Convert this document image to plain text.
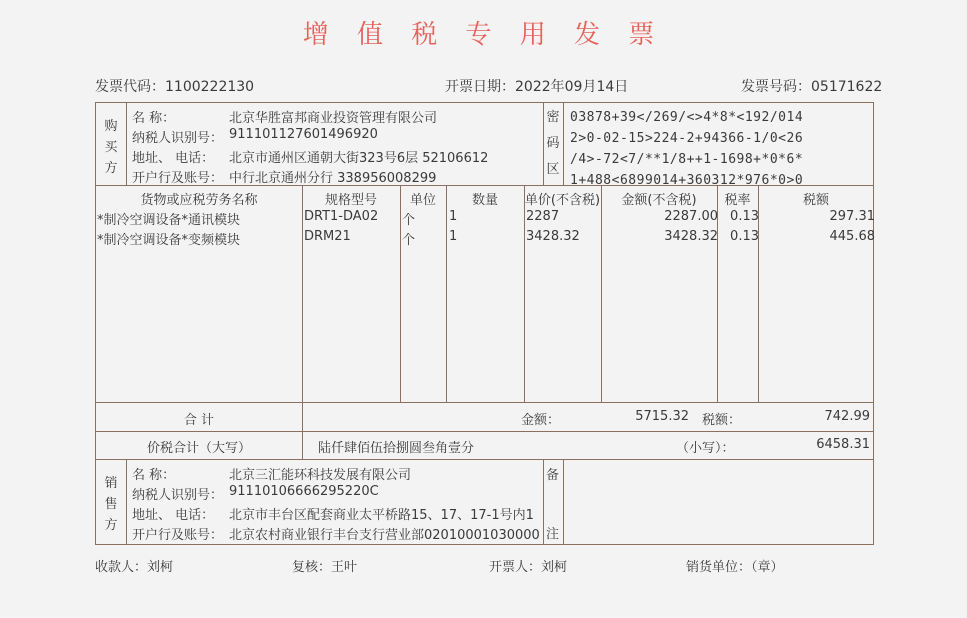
增 值 税 专 用 发 票
发票代码：1100222130	开票日期：2022年09月14日	发票号码：05171622
购
买
方
名 称：	北京华胜富邦商业投资管理有限公司
纳税人识别号： 911101127601496920
地址、 电话： 北京市通州区通朝大街323号6层 52106612
开户行及账号： 中行北京通州分行 338956008299
密
码
区
03878+39</269/<>4*8*<192/014
2>0-02-15>224-2+94366-1/0<26
/4>-72<7/**1/8++1-1698+*0*6*
1+488<6899014+360312*976*0>0
货物或应税劳务名称	规格型号	单位	数量	单价(不含税)	金额(不含税)	税率	税额
*制冷空调设备*通讯模块	DRT1-DA02 个	1	2287	2287.00 0.13	297.31
*制冷空调设备*变频模块	DRM21	个	1	3428.32	3428.32 0.13	445.68
合 计	金额：	5715.32 税额：	742.99
价税合计（大写）	陆仟肆佰伍拾捌圆叁角壹分	（小写）：	6458.31
销
售
方
名 称：	北京三汇能环科技发展有限公司
纳税人识别号： 91110106666295220C
地址、 电话： 北京市丰台区配套商业太平桥路15、17、17-1号内1
开户行及账号： 北京农村商业银行丰台支行营业部02010001030000
备
注
收款人：刘柯	复核：王叶	开票人：刘柯	销货单位：（章）
